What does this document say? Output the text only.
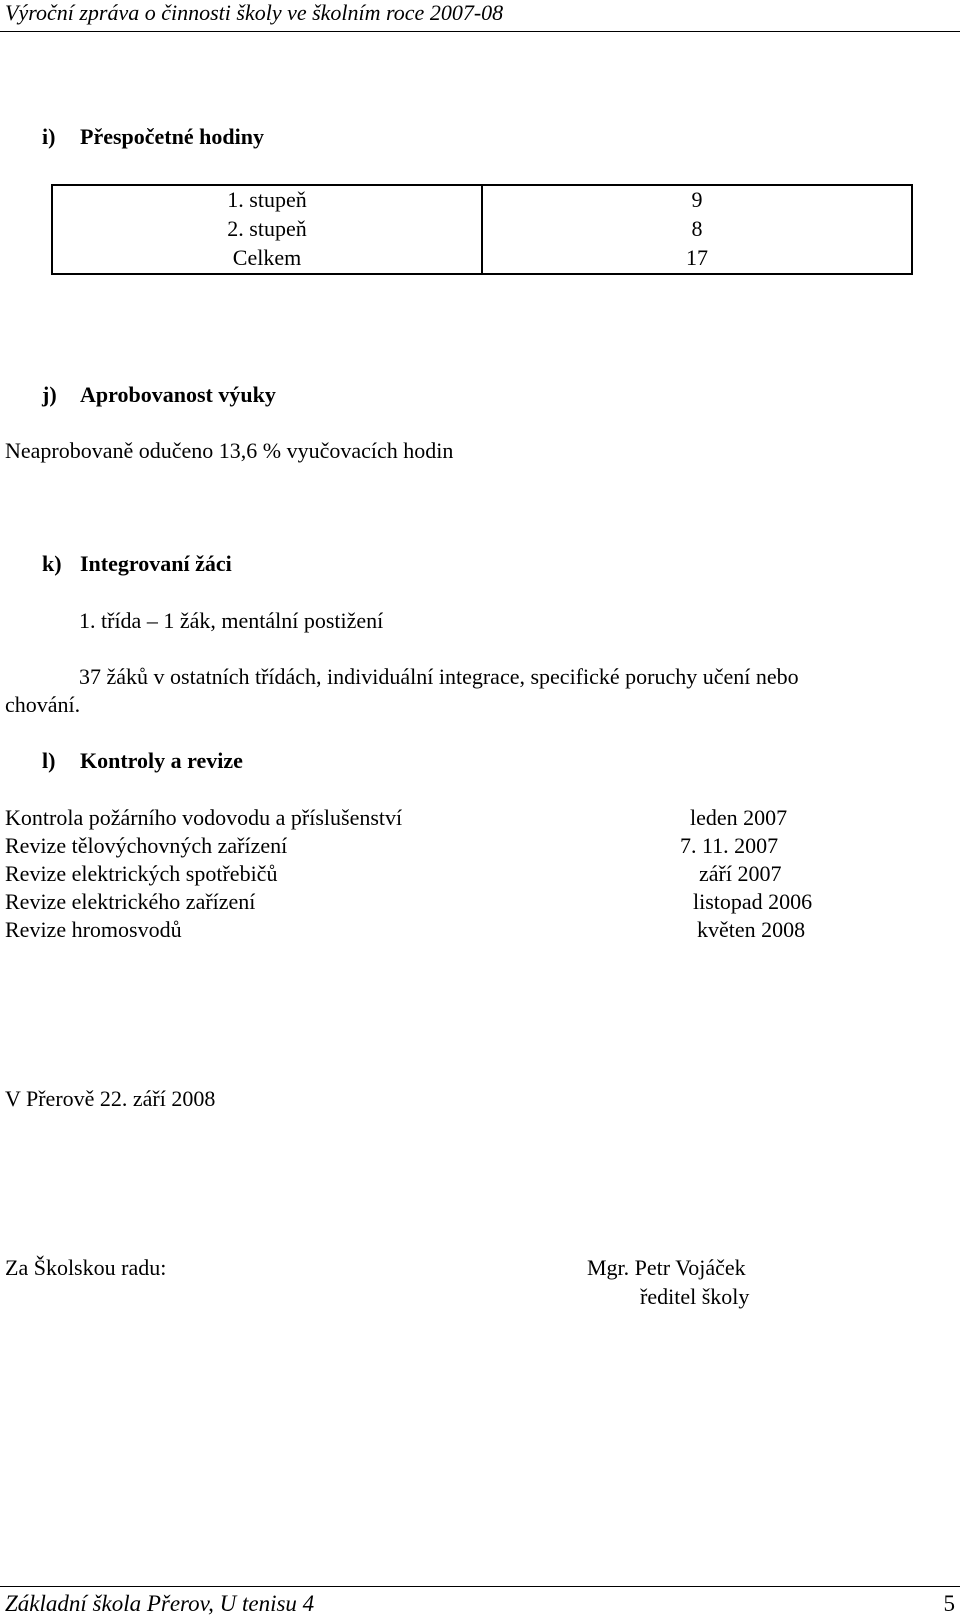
Výroční zpráva o činnosti školy ve školním roce 2007-08
i) Přespočetné hodiny
1. stupeň	9
2. stupeň	8
Celkem	17
j) Aprobovanost výuky
Neaprobovaně odučeno 13,6 % vyučovacích hodin
k) Integrovaní žáci
1. třída – 1 žák, mentální postižení
37 žáků v ostatních třídách, individuální integrace, specifické poruchy učení nebo
chování.
l) Kontroly a revize
Kontrola požárního vodovodu a příslušenství	leden 2007
Revize tělovýchovných zařízení	7. 11. 2007
Revize elektrických spotřebičů	září 2007
Revize elektrického zařízení	listopad 2006
Revize hromosvodů	květen 2008
V Přerově 22. září 2008
Za Školskou radu:	Mgr. Petr Vojáček
ředitel školy
Základní škola Přerov, U tenisu 4	5
